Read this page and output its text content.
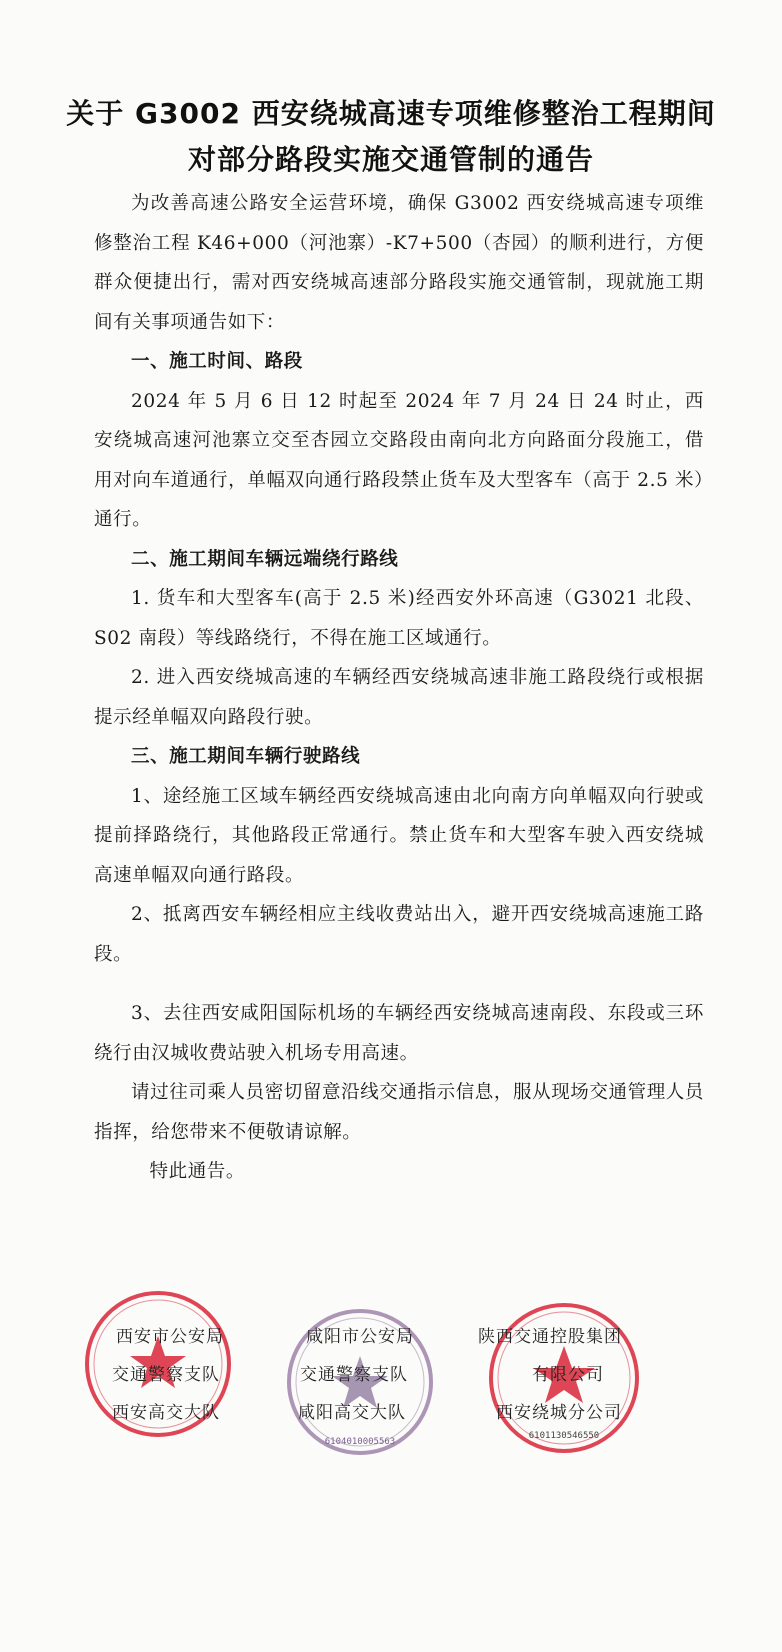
关于 G3002 西安绕城高速专项维修整治工程期间
对部分路段实施交通管制的通告

为改善高速公路安全运营环境，确保 G3002 西安绕城高速专项维修整治工程 K46+000（河池寨）-K7+500（杏园）的顺利进行，方便群众便捷出行，需对西安绕城高速部分路段实施交通管制，现就施工期间有关事项通告如下：

一、施工时间、路段

2024 年 5 月 6 日 12 时起至 2024 年 7 月 24 日 24 时止，西安绕城高速河池寨立交至杏园立交路段由南向北方向路面分段施工，借用对向车道通行，单幅双向通行路段禁止货车及大型客车（高于 2.5 米）通行。

二、施工期间车辆远端绕行路线

1. 货车和大型客车(高于 2.5 米)经西安外环高速（G3021 北段、S02 南段）等线路绕行，不得在施工区域通行。

2. 进入西安绕城高速的车辆经西安绕城高速非施工路段绕行或根据提示经单幅双向路段行驶。

三、施工期间车辆行驶路线

1、途经施工区域车辆经西安绕城高速由北向南方向单幅双向行驶或提前择路绕行，其他路段正常通行。禁止货车和大型客车驶入西安绕城高速单幅双向通行路段。

2、抵离西安车辆经相应主线收费站出入，避开西安绕城高速施工路段。

3、去往西安咸阳国际机场的车辆经西安绕城高速南段、东段或三环绕行由汉城收费站驶入机场专用高速。

请过往司乘人员密切留意沿线交通指示信息，服从现场交通管理人员指挥，给您带来不便敬请谅解。

特此通告。

西安市公安局
交通警察支队
西安高交大队
6104010005563
咸阳市公安局
交通警察支队
咸阳高交大队
6101130546550
陕西交通控股集团
有限公司
西安绕城分公司
